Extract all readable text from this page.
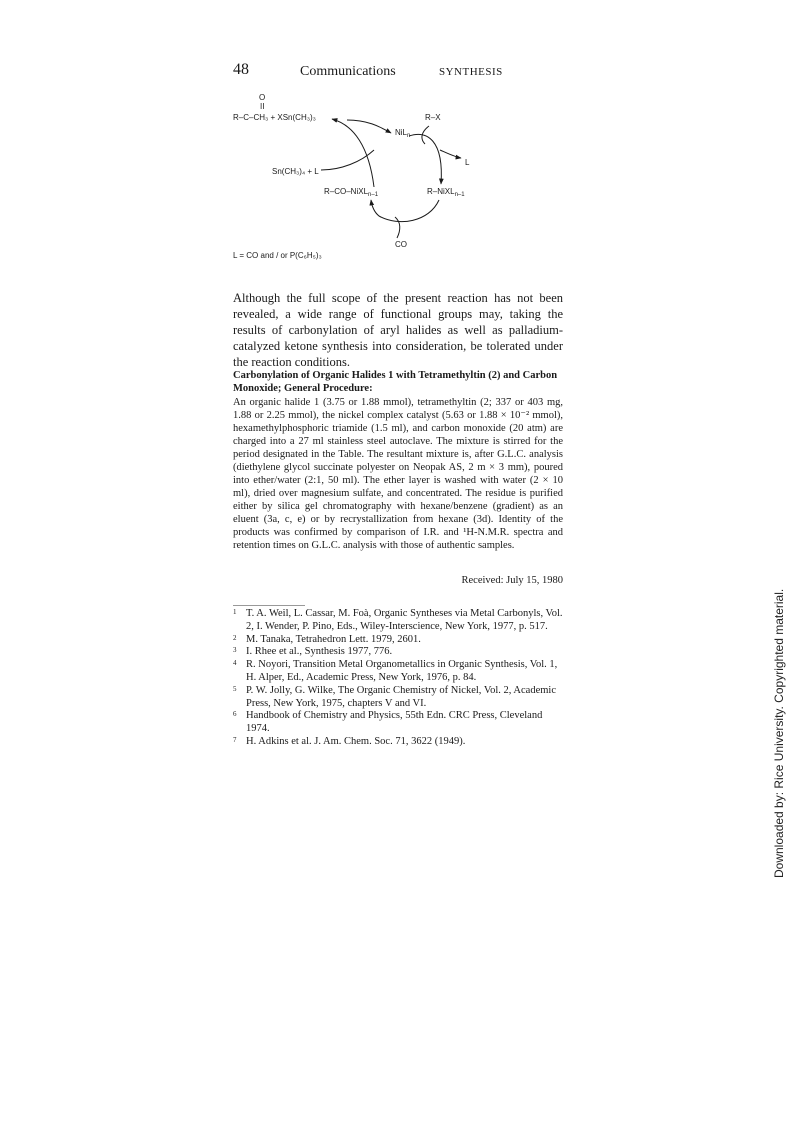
48	Communications	SYNTHESIS
O
II
R–C–CH₃ + XSn(CH₃)₃	R–X
NiL$_n$
L
Sn(CH₃)₄ + L
R–CO–NiXL$_{n-1}$	R–NiXL$_{n-1}$
CO
L = CO and / or P(C₆H₅)₃
Although the full scope of the present reaction has not been revealed, a wide range of functional groups may, taking the results of carbonylation of aryl halides as well as palladium-catalyzed ketone synthesis into consideration, be tolerated under the reaction conditions.
Carbonylation of Organic Halides 1 with Tetramethyltin (2) and Carbon Monoxide; General Procedure:
An organic halide 1 (3.75 or 1.88 mmol), tetramethyltin (2; 337 or 403 mg, 1.88 or 2.25 mmol), the nickel complex catalyst (5.63 or 1.88 × 10⁻² mmol), hexamethylphosphoric triamide (1.5 ml), and carbon monoxide (20 atm) are charged into a 27 ml stainless steel autoclave. The mixture is stirred for the period designated in the Table. The resultant mixture is, after G.L.C. analysis (diethylene glycol succinate polyester on Neopak AS, 2 m × 3 mm), poured into ether/water (2:1, 50 ml). The ether layer is washed with water (2 × 10 ml), dried over magnesium sulfate, and concentrated. The residue is purified either by silica gel chromatography with hexane/benzene (gradient) as an eluent (3a, c, e) or by recrystallization from hexane (3d). Identity of the products was confirmed by comparison of I.R. and ¹H-N.M.R. spectra and retention times on G.L.C. analysis with those of authentic samples.
Received: July 15, 1980
1 T. A. Weil, L. Cassar, M. Foà, Organic Syntheses via Metal Carbonyls, Vol. 2, I. Wender, P. Pino, Eds., Wiley-Interscience, New York, 1977, p. 517.
2 M. Tanaka, Tetrahedron Lett. 1979, 2601.
3 I. Rhee et al., Synthesis 1977, 776.
4 R. Noyori, Transition Metal Organometallics in Organic Synthesis, Vol. 1, H. Alper, Ed., Academic Press, New York, 1976, p. 84.
5 P. W. Jolly, G. Wilke, The Organic Chemistry of Nickel, Vol. 2, Academic Press, New York, 1975, chapters V and VI.
6 Handbook of Chemistry and Physics, 55th Edn. CRC Press, Cleveland 1974.
7 H. Adkins et al. J. Am. Chem. Soc. 71, 3622 (1949).	Downloaded by: Rice University. Copyrighted material.
